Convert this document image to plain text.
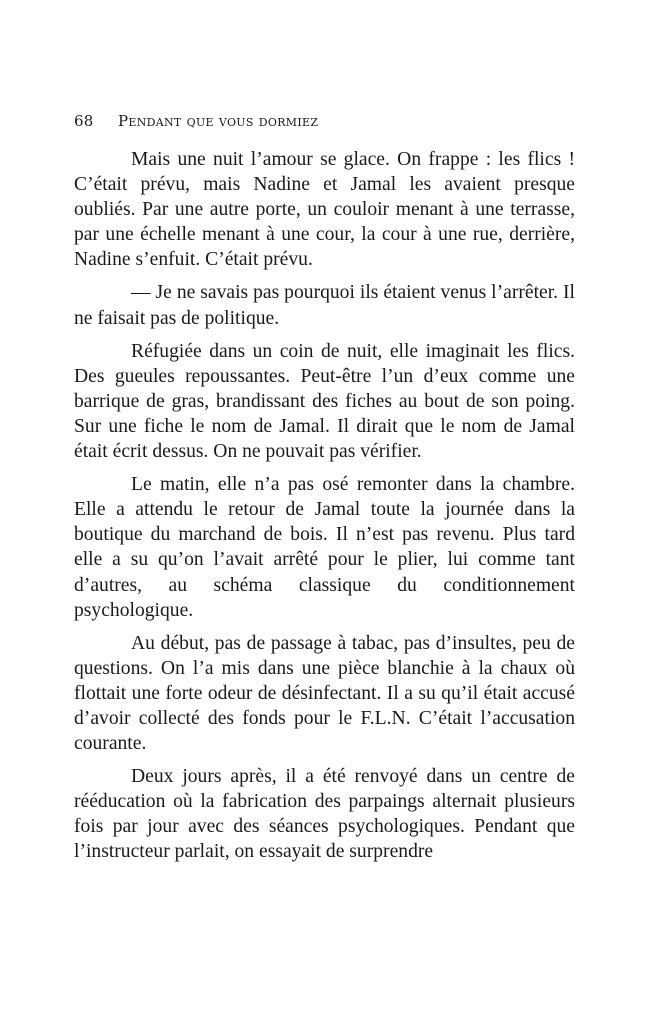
68 Pendant que vous dormiez

Mais une nuit l’amour se glace. On frappe : les flics ! C’était prévu, mais Nadine et Jamal les avaient presque oubliés. Par une autre porte, un couloir menant à une terrasse, par une échelle menant à une cour, la cour à une rue, derrière, Nadine s’enfuit. C’était prévu.

— Je ne savais pas pourquoi ils étaient venus l’arrêter. Il ne faisait pas de politique.

Réfugiée dans un coin de nuit, elle imaginait les flics. Des gueules repoussantes. Peut-être l’un d’eux comme une barrique de gras, brandissant des fiches au bout de son poing. Sur une fiche le nom de Jamal. Il dirait que le nom de Jamal était écrit dessus. On ne pouvait pas vérifier.

Le matin, elle n’a pas osé remonter dans la chambre. Elle a attendu le retour de Jamal toute la journée dans la boutique du marchand de bois. Il n’est pas revenu. Plus tard elle a su qu’on l’avait arrêté pour le plier, lui comme tant d’autres, au schéma classique du conditionnement psychologique.

Au début, pas de passage à tabac, pas d’insultes, peu de questions. On l’a mis dans une pièce blanchie à la chaux où flottait une forte odeur de désinfectant. Il a su qu’il était accusé d’avoir collecté des fonds pour le F.L.N. C’était l’accusation courante.

Deux jours après, il a été renvoyé dans un centre de rééducation où la fabrication des parpaings alternait plusieurs fois par jour avec des séances psychologiques. Pendant que l’instructeur parlait, on essayait de surprendre
